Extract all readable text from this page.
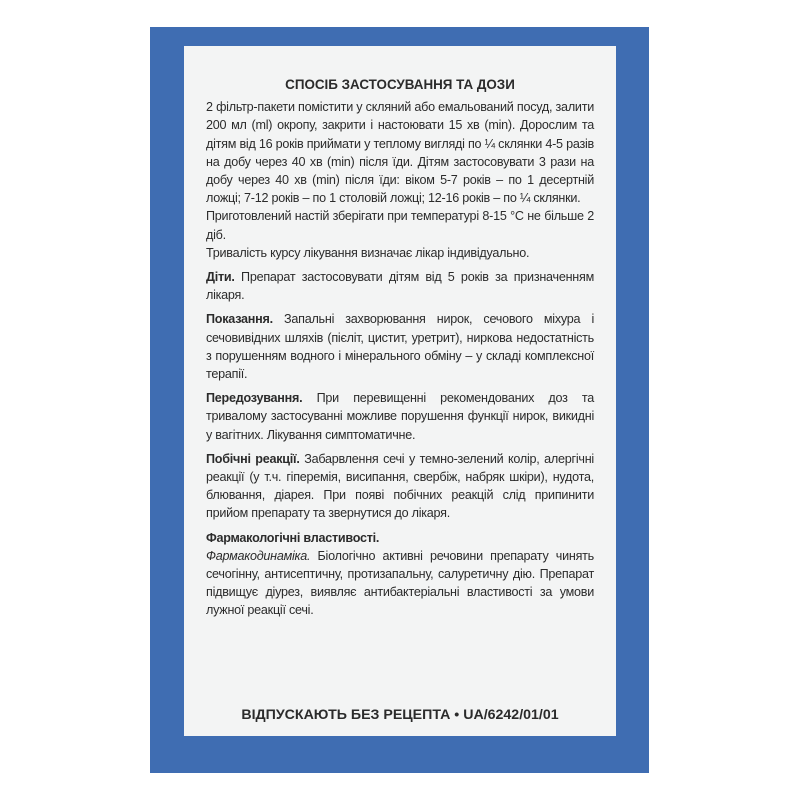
СПОСІБ ЗАСТОСУВАННЯ ТА ДОЗИ

2 фільтр-пакети помістити у скляний або емальований посуд, залити 200 мл (ml) окропу, закрити і настоювати 15 хв (min). Дорослим та дітям від 16 років приймати у теплому вигляді по ¼ склянки 4-5 разів на добу через 40 хв (min) після їди. Дітям застосовувати 3 рази на добу через 40 хв (min) після їди: віком 5-7 років – по 1 десертній ложці; 7-12 років – по 1 столовій ложці; 12-16 років – по ¼ склянки.

Приготовлений настій зберігати при температурі 8-15 °С не більше 2 діб.

Тривалість курсу лікування визначає лікар індивідуально.

Діти. Препарат застосовувати дітям від 5 років за призначенням лікаря.

Показання. Запальні захворювання нирок, сечового міхура і сечовивідних шляхів (пієліт, цистит, уретрит), ниркова недостатність з порушенням водного і мінерального обміну – у складі комплексної терапії.

Передозування. При перевищенні рекомендованих доз та тривалому застосуванні можливе порушення функції нирок, викидні у вагітних. Лікування симптоматичне.

Побічні реакції. Забарвлення сечі у темно-зелений колір, алергічні реакції (у т.ч. гіперемія, висипання, свербіж, набряк шкіри), нудота, блювання, діарея. При появі побічних реакцій слід припинити прийом препарату та звернутися до лікаря.

Фармакологічні властивості.

Фармакодинаміка. Біологічно активні речовини препарату чинять сечогінну, антисептичну, протизапальну, салуретичну дію. Препарат підвищує діурез, виявляє антибактеріальні властивості за умови лужної реакції сечі.

ВІДПУСКАЮТЬ БЕЗ РЕЦЕПТА • UA/6242/01/01
